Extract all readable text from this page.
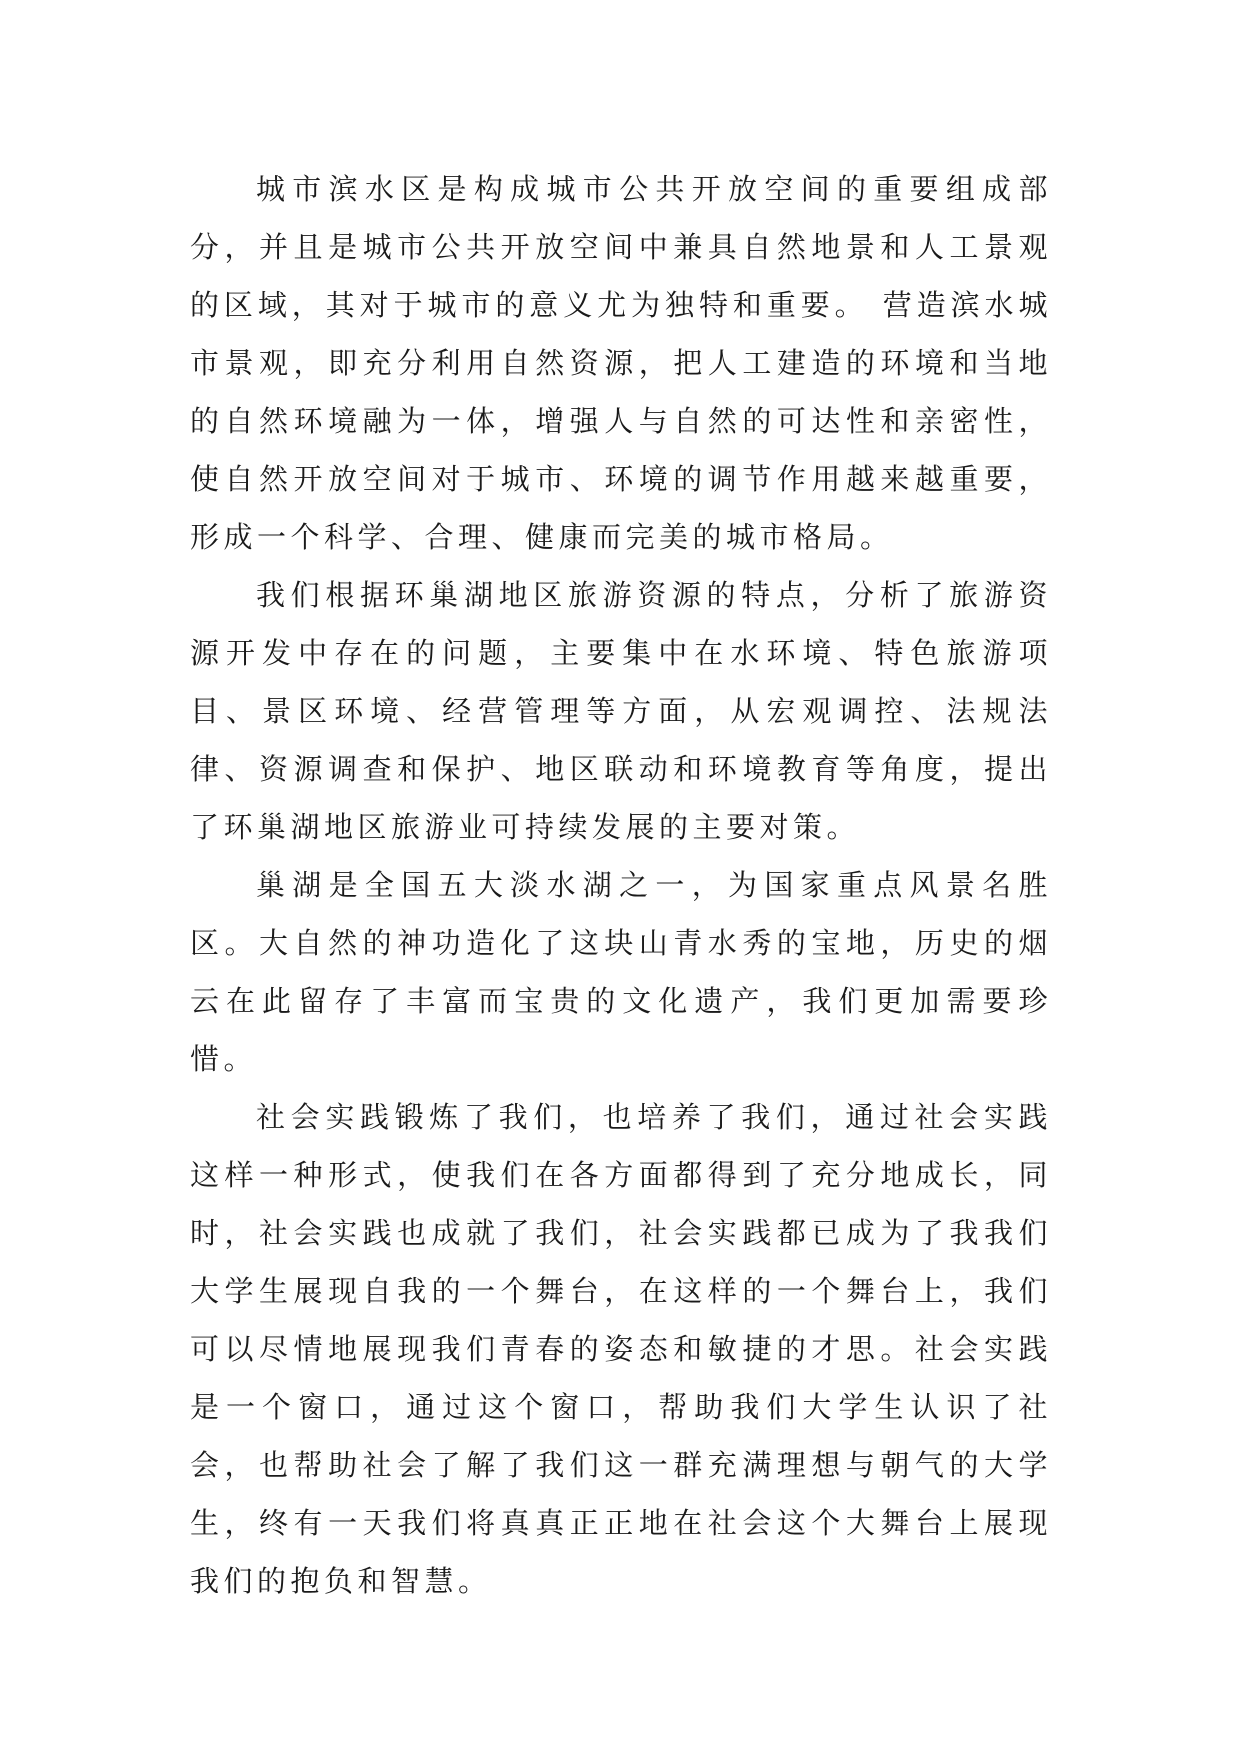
城市滨水区是构成城市公共开放空间的重要组成部分，并且是城市公共开放空间中兼具自然地景和人工景观的区域，其对于城市的意义尤为独特和重要。 营造滨水城市景观，即充分利用自然资源，把人工建造的环境和当地的自然环境融为一体，增强人与自然的可达性和亲密性，使自然开放空间对于城市、环境的调节作用越来越重要，形成一个科学、合理、健康而完美的城市格局。

我们根据环巢湖地区旅游资源的特点，分析了旅游资源开发中存在的问题，主要集中在水环境、特色旅游项目、景区环境、经营管理等方面，从宏观调控、法规法律、资源调查和保护、地区联动和环境教育等角度，提出了环巢湖地区旅游业可持续发展的主要对策。

巢湖是全国五大淡水湖之一，为国家重点风景名胜区。大自然的神功造化了这块山青水秀的宝地，历史的烟云在此留存了丰富而宝贵的文化遗产，我们更加需要珍惜。

社会实践锻炼了我们，也培养了我们，通过社会实践这样一种形式，使我们在各方面都得到了充分地成长，同时，社会实践也成就了我们，社会实践都已成为了我我们大学生展现自我的一个舞台，在这样的一个舞台上，我们可以尽情地展现我们青春的姿态和敏捷的才思。社会实践是一个窗口，通过这个窗口，帮助我们大学生认识了社会，也帮助社会了解了我们这一群充满理想与朝气的大学生，终有一天我们将真真正正地在社会这个大舞台上展现我们的抱负和智慧。
